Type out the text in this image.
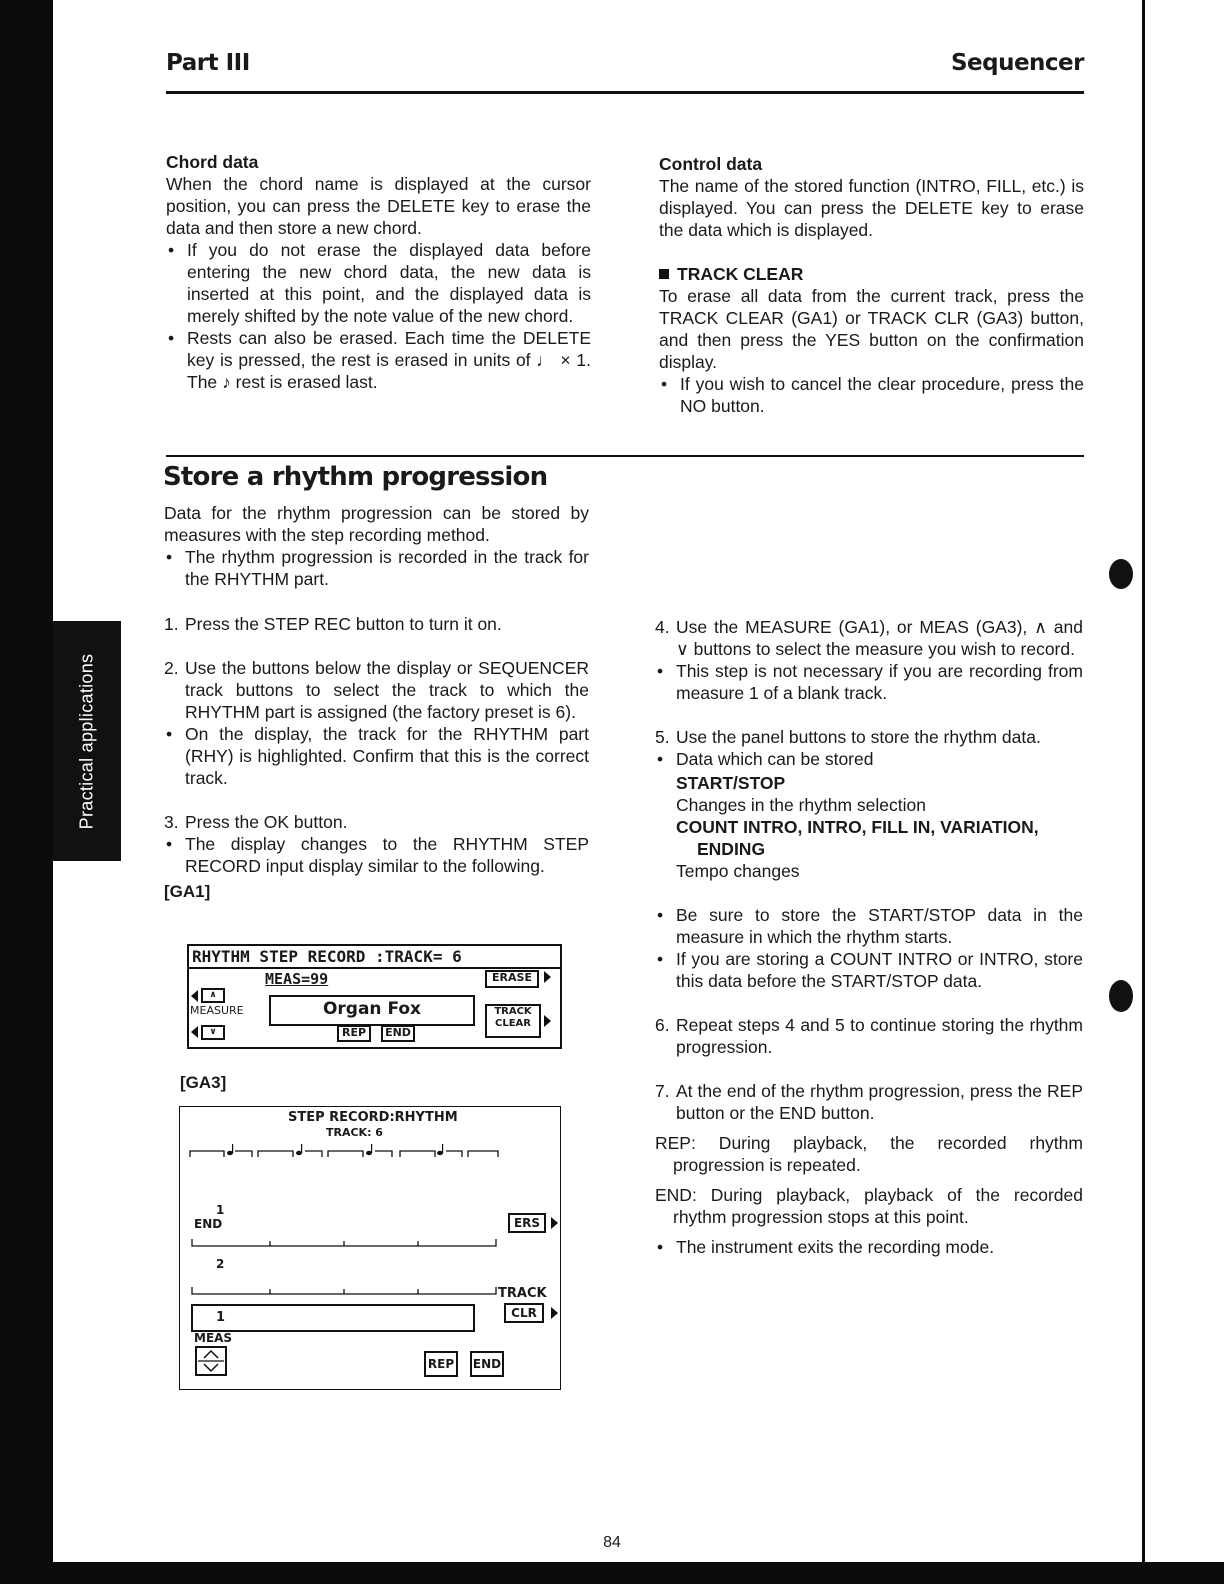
Practical applications
Part III	Sequencer

Chord data

When the chord name is displayed at the cursor position, you can press the DELETE key to erase the data and then store a new chord.

• If you do not erase the displayed data before entering the new chord data, the new data is inserted at this point, and the displayed data is merely shifted by the note value of the new chord.
• Rests can also be erased. Each time the DELETE key is pressed, the rest is erased in units of ♩ × 1. The ♪ rest is erased last.

Control data

The name of the stored function (INTRO, FILL, etc.) is displayed. You can press the DELETE key to erase the data which is displayed.

TRACK CLEAR

To erase all data from the current track, press the TRACK CLEAR (GA1) or TRACK CLR (GA3) button, and then press the YES button on the confirmation display.

• If you wish to cancel the clear procedure, press the NO button.
Store a rhythm progression

Data for the rhythm progression can be stored by measures with the step recording method.

• The rhythm progression is recorded in the track for the RHYTHM part.
1. Press the STEP REC button to turn it on.
2. Use the buttons below the display or SEQUENCER track buttons to select the track to which the RHYTHM part is assigned (the factory preset is 6).
• On the display, the track for the RHYTHM part (RHY) is highlighted. Confirm that this is the correct track.
3. Press the OK button.
• The display changes to the RHYTHM STEP RECORD input display similar to the following.

[GA1]

RHYTHM STEP RECORD :TRACK= 6
MEAS=99	ERASE
∧
MEASURE	Organ Fox	TRACK
CLEAR
∨	REP	END

[GA3]

STEP RECORD:RHYTHM
TRACK: 6
1
END
2
ERS
TRACK
CLR
1
MEAS
REP	END
4. Use the MEASURE (GA1), or MEAS (GA3), ∧ and ∨ buttons to select the measure you wish to record.
• This step is not necessary if you are recording from measure 1 of a blank track.
5. Use the panel buttons to store the rhythm data.
• Data which can be stored

START/STOP

Changes in the rhythm selection

COUNT INTRO, INTRO, FILL IN, VARIATION,

ENDING

Tempo changes

• Be sure to store the START/STOP data in the measure in which the rhythm starts.
• If you are storing a COUNT INTRO or INTRO, store this data before the START/STOP data.
6. Repeat steps 4 and 5 to continue storing the rhythm progression.
7. At the end of the rhythm progression, press the REP button or the END button.

REP: During playback, the recorded rhythm progression is repeated.

END: During playback, playback of the recorded rhythm progression stops at this point.

• The instrument exits the recording mode.
84
